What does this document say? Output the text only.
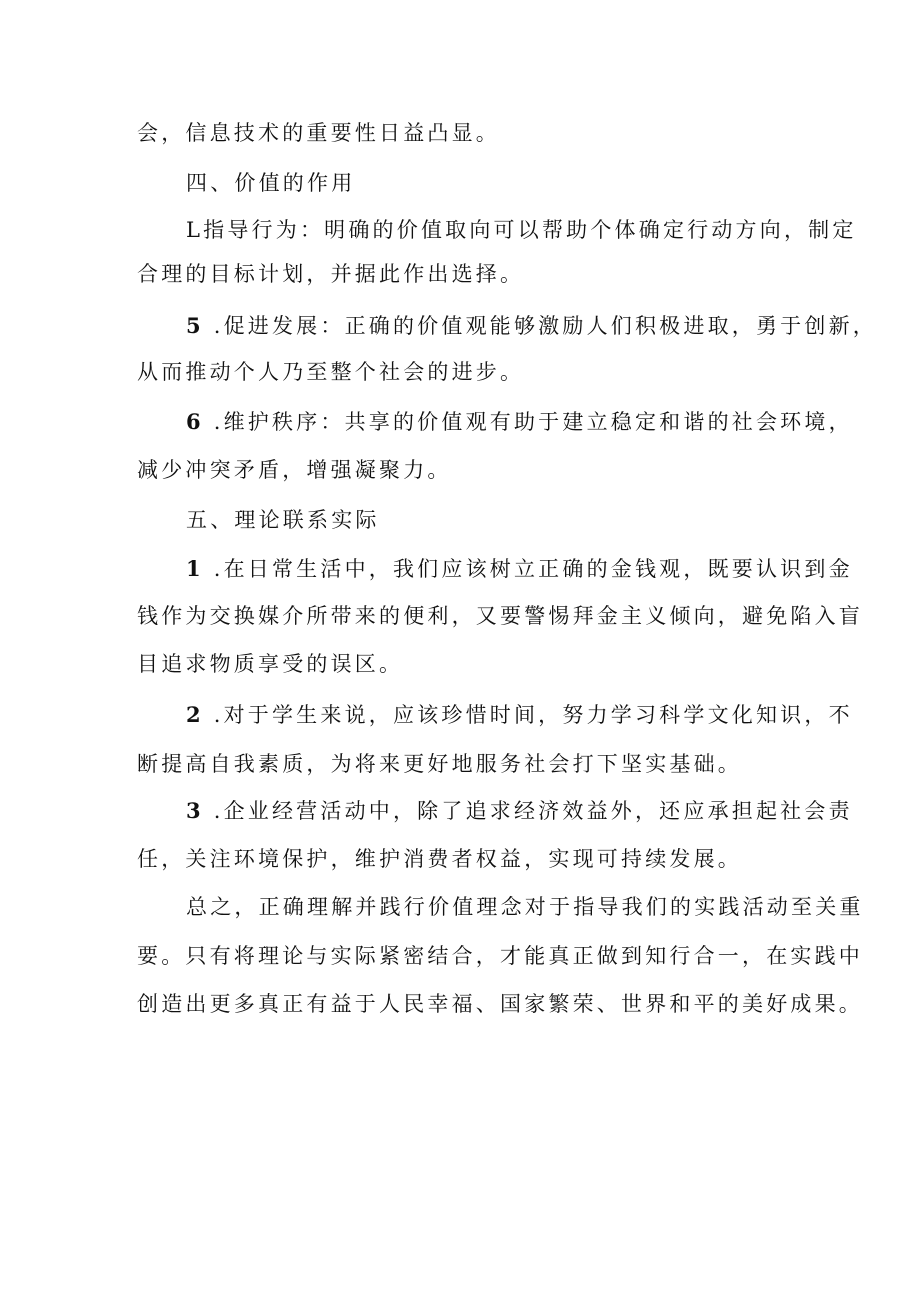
会，信息技术的重要性日益凸显。
四、价值的作用
L指导行为：明确的价值取向可以帮助个体确定行动方向，制定
合理的目标计划，并据此作出选择。
5 .促进发展：正确的价值观能够激励人们积极进取，勇于创新，
从而推动个人乃至整个社会的进步。
6 .维护秩序：共享的价值观有助于建立稳定和谐的社会环境，
减少冲突矛盾，增强凝聚力。
五、理论联系实际
1 .在日常生活中，我们应该树立正确的金钱观，既要认识到金
钱作为交换媒介所带来的便利，又要警惕拜金主义倾向，避免陷入盲
目追求物质享受的误区。
2 .对于学生来说，应该珍惜时间，努力学习科学文化知识，不
断提高自我素质，为将来更好地服务社会打下坚实基础。
3 .企业经营活动中，除了追求经济效益外，还应承担起社会责
任，关注环境保护，维护消费者权益，实现可持续发展。
总之，正确理解并践行价值理念对于指导我们的实践活动至关重
要。只有将理论与实际紧密结合，才能真正做到知行合一，在实践中
创造出更多真正有益于人民幸福、国家繁荣、世界和平的美好成果。
